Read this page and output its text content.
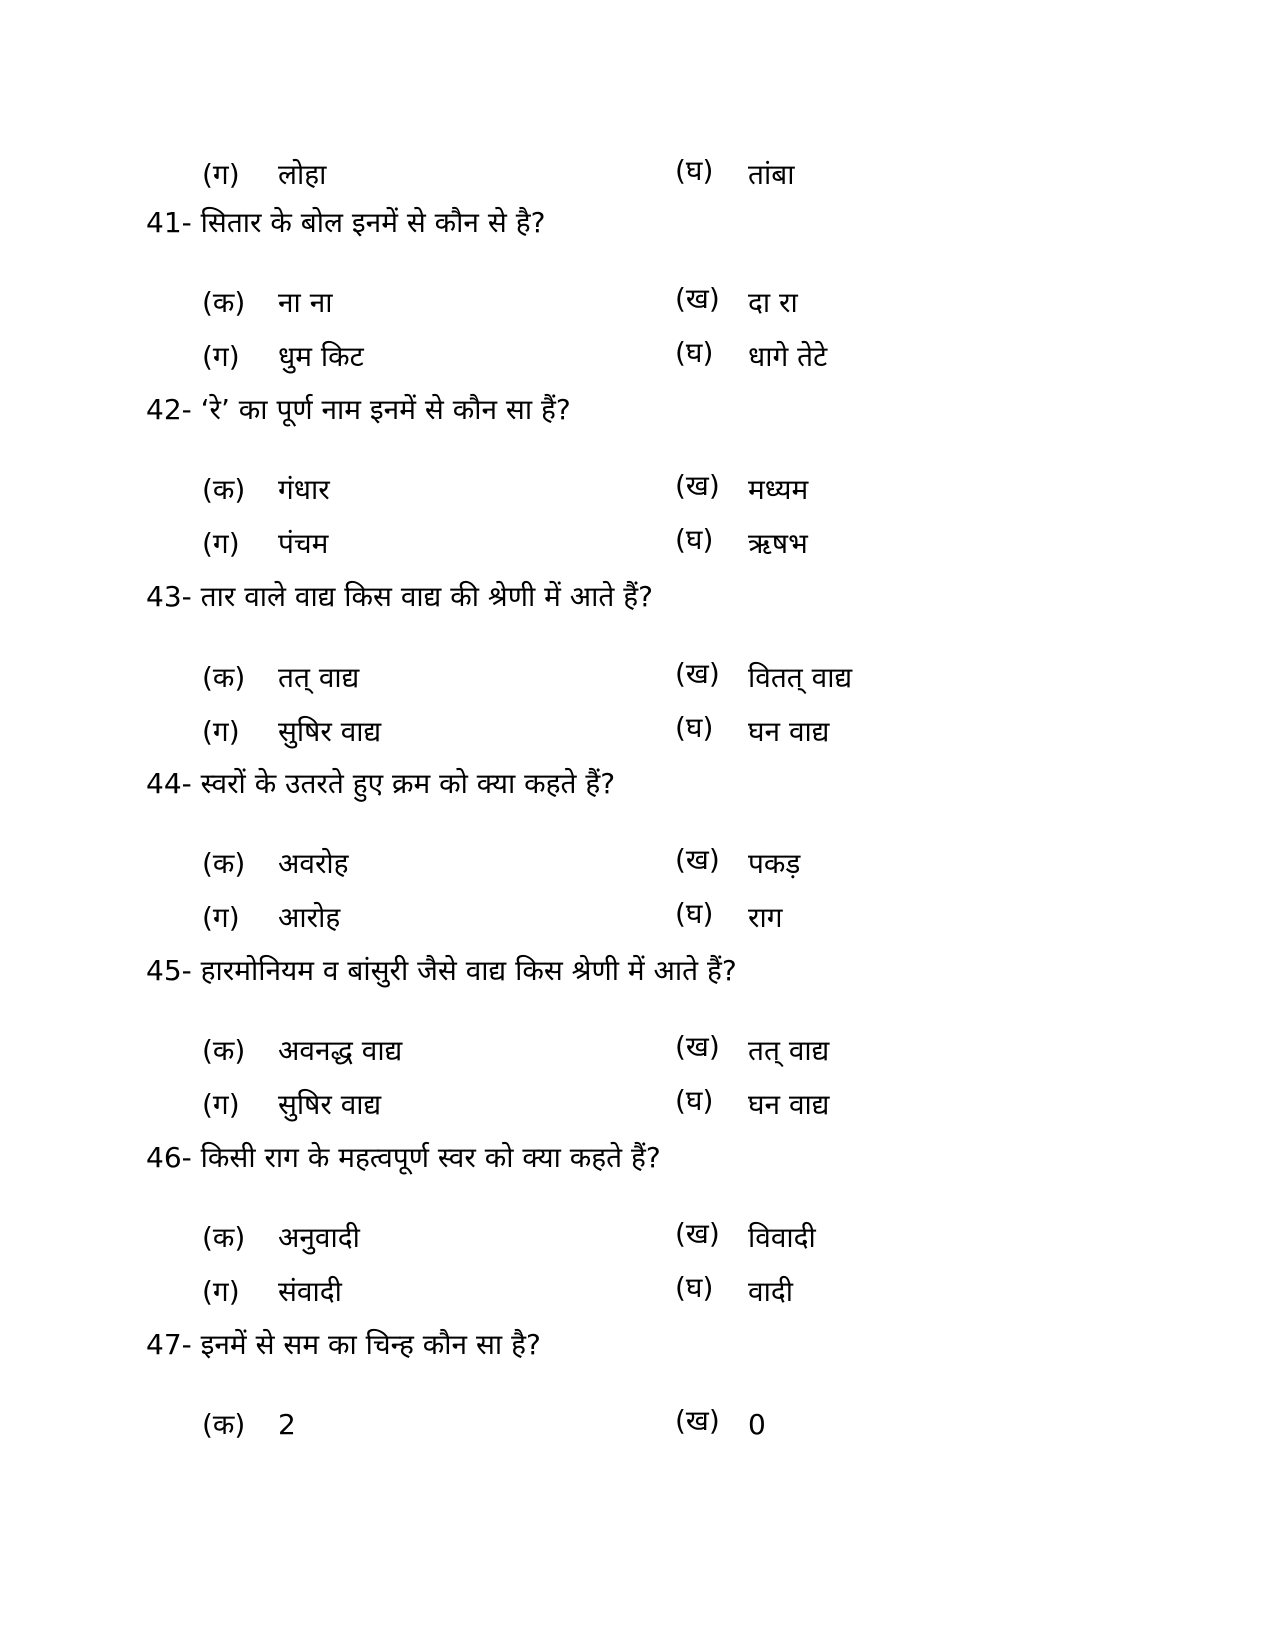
(ग) लोहा	(घ) तांबा
41- सितार के बोल इनमें से कौन से है?
(क) ना ना	(ख) दा रा
(ग) धुम किट	(घ) धागे तेटे
42- ‘रे’ का पूर्ण नाम इनमें से कौन सा हैं?
(क) गंधार	(ख) मध्यम
(ग) पंचम	(घ) ऋषभ
43- तार वाले वाद्य किस वाद्य की श्रेणी में आते हैं?
(क) तत् वाद्य	(ख) वितत् वाद्य
(ग) सुषिर वाद्य	(घ) घन वाद्य
44- स्वरों के उतरते हुए क्रम को क्या कहते हैं?
(क) अवरोह	(ख) पकड़
(ग) आरोह	(घ) राग
45- हारमोनियम व बांसुरी जैसे वाद्य किस श्रेणी में आते हैं?
(क) अवनद्ध वाद्य	(ख) तत् वाद्य
(ग) सुषिर वाद्य	(घ) घन वाद्य
46- किसी राग के महत्वपूर्ण स्वर को क्या कहते हैं?
(क) अनुवादी	(ख) विवादी
(ग) संवादी	(घ) वादी
47- इनमें से सम का चिन्ह कौन सा है?
(क) 2	(ख) 0
